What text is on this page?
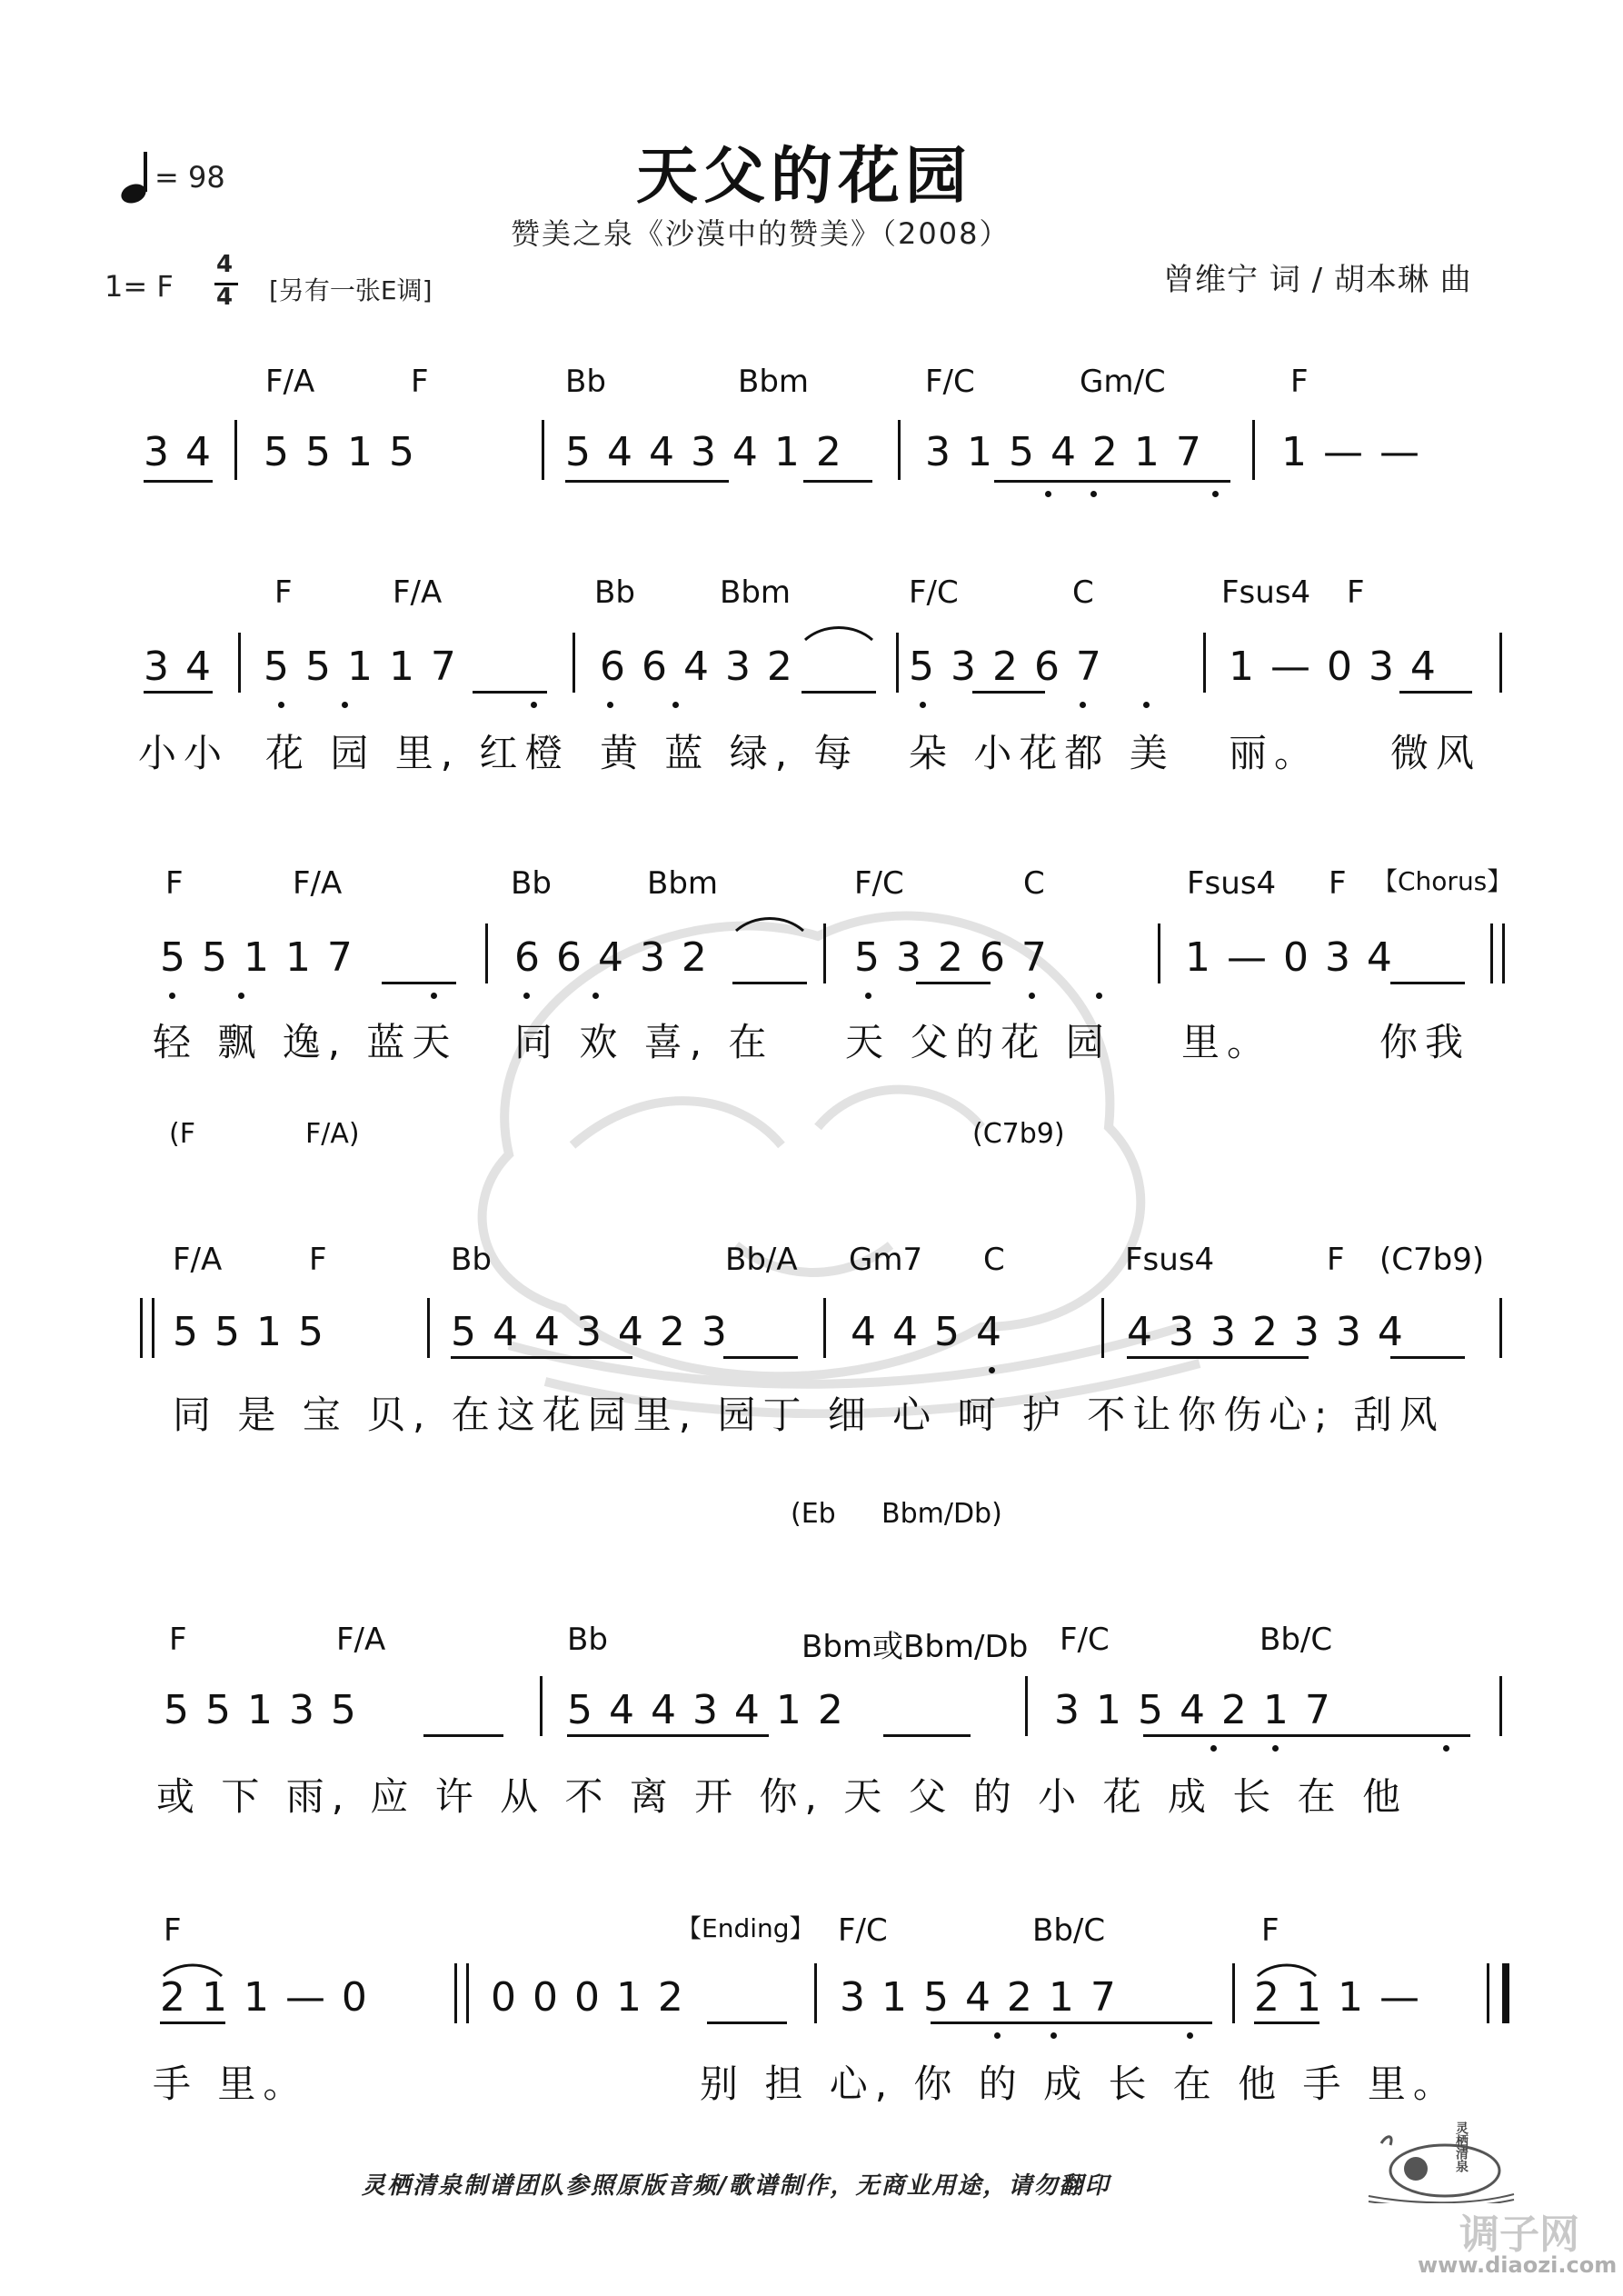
= 98	天父的花园
赞美之泉《沙漠中的赞美》（2008）
1= F
4
4 [另有一张E调]	曾维宁 词 / 胡本琳 曲
F/A	F	Bb	Bbm	F/C	Gm/C	F
3 4 5 5 1 5	5 4 4 3 4 1 2 3 1 5 4 2 1 7 1 — —
F	F/A	Bb	Bbm	F/C	C	Fsus4 F
3 4 5 5 1 1 7	6 6 4 3 2	5 3 2 6 7	1 — 0 3 4
小小 花 园 里, 红橙 黄 蓝 绿, 每 朵 小花都 美 丽。 微风
F	F/A	Bb	Bbm	F/C	C	Fsus4 F 【Chorus】
5 5 1 1 7	6 6 4 3 2	5 3 2 6 7	1 — 0 3 4
轻 飘 逸, 蓝天 同 欢 喜, 在 天 父的花 园 里。	你我
(F	F/A)	(C7b9)
F/A	F	Bb	Bb/A Gm7 C	Fsus4	F (C7b9)
5 5 1 5	5 4 4 3 4 2 3	4 4 5 4	4 3 3 2 3 3 4
同 是 宝 贝, 在这花园里, 园丁 细 心 呵 护 不让你伤心; 刮风
(Eb Bbm/Db)
F	F/A	Bb	Bbm或Bbm/Db F/C	Bb/C
5 5 1 3 5	5 4 4 3 4 1 2	3 1 5 4 2 1 7
或 下 雨, 应 许 从 不 离 开 你, 天 父 的 小 花 成 长 在 他
F	【Ending】 F/C	Bb/C	F
2 1 1 — 0	0 0 0 1 2	3 1 5 4 2 1 7	2 1 1 —
手 里。	别 担 心, 你 的 成 长 在 他 手 里。
灵栖清泉制谱团队参照原版音频/歌谱制作，无商业用途，请勿翻印
灵栖清泉
调子网
www.diaozi.com
